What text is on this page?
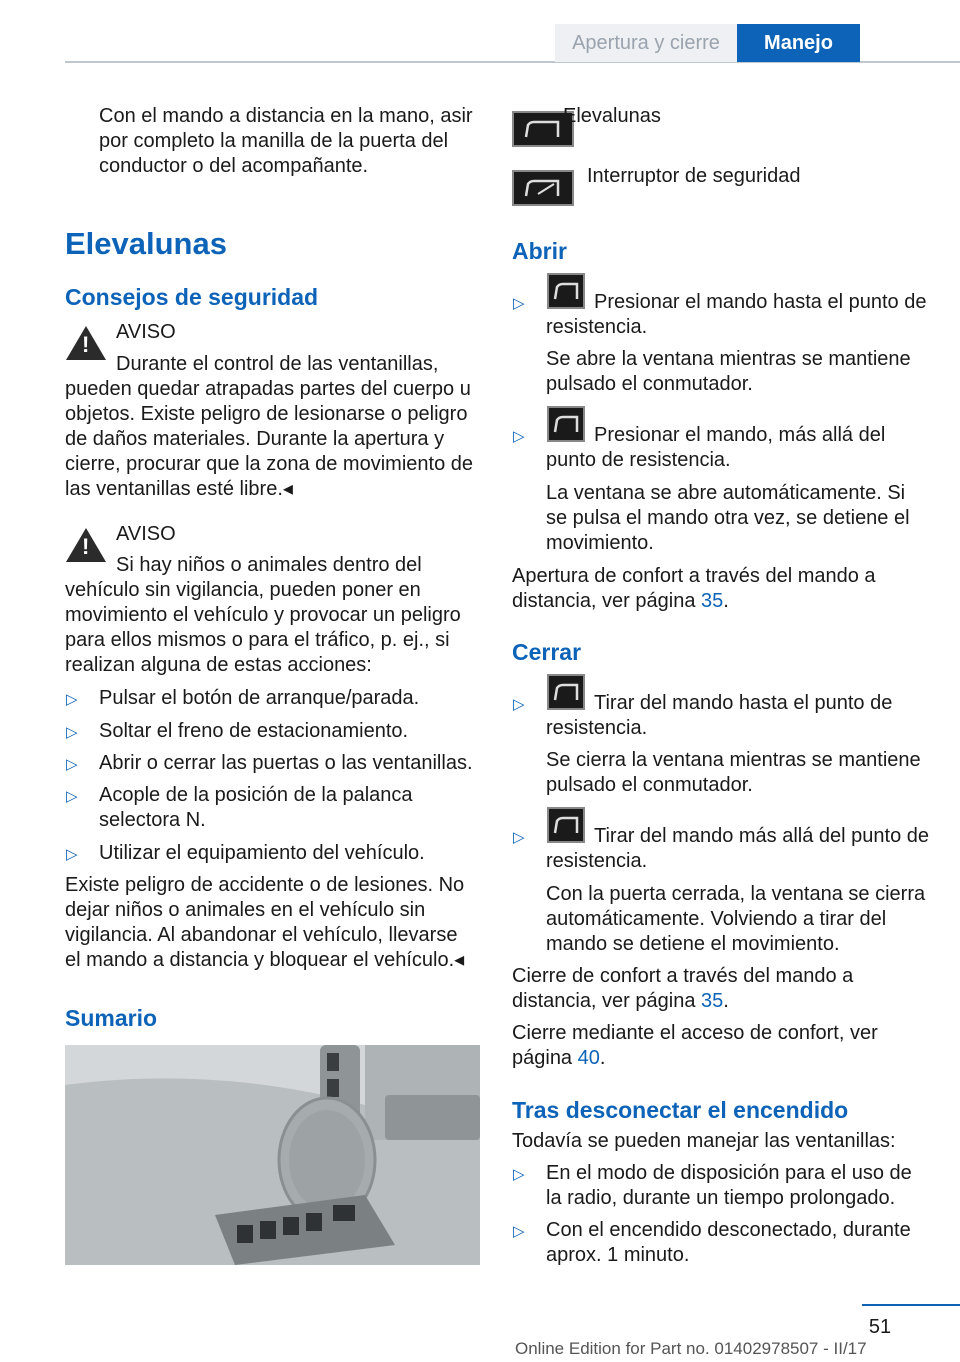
Apertura y cierre	Manejo

Con el mando a distancia en la mano, asir por completo la manilla de la puerta del conductor o del acompañante.

Elevalunas
Consejos de seguridad
!

AVISO

Durante el control de las ventanillas, pueden quedar atrapadas partes del cuerpo u objetos. Existe peligro de lesionarse o peligro de daños materiales. Durante la apertura y cierre, procurar que la zona de movimiento de las ventanillas esté libre.◂

!

AVISO

Si hay niños o animales dentro del vehículo sin vigilancia, pueden poner en movimiento el vehículo y provocar un peligro para ellos mismos o para el tráfico, p. ej., si realizan alguna de estas acciones:

▷ Pulsar el botón de arranque/parada.

▷ Soltar el freno de estacionamiento.

▷ Abrir o cerrar las puertas o las ventanillas.

▷ Acople de la posición de la palanca selectora N.

▷ Utilizar el equipamiento del vehículo.

Existe peligro de accidente o de lesiones. No dejar niños o animales en el vehículo sin vigilancia. Al abandonar el vehículo, llevarse el mando a distancia y bloquear el vehículo.◂

Sumario

Elevalunas

Interruptor de seguridad

Abrir
▷	Presionar el mando hasta el punto de resistencia.

Se abre la ventana mientras se mantiene pulsado el conmutador.

▷	Presionar el mando, más allá del punto de resistencia.

La ventana se abre automáticamente. Si se pulsa el mando otra vez, se detiene el movimiento.

Apertura de confort a través del mando a distancia, ver página 35.

Cerrar
▷	Tirar del mando hasta el punto de resistencia.

Se cierra la ventana mientras se mantiene pulsado el conmutador.

▷	Tirar del mando más allá del punto de resistencia.

Con la puerta cerrada, la ventana se cierra automáticamente. Volviendo a tirar del mando se detiene el movimiento.

Cierre de confort a través del mando a distancia, ver página 35.

Cierre mediante el acceso de confort, ver página 40.

Tras desconectar el encendido

Todavía se pueden manejar las ventanillas:

▷ En el modo de disposición para el uso de la radio, durante un tiempo prolongado.

▷ Con el encendido desconectado, durante aprox. 1 minuto.

51
Online Edition for Part no. 01402978507 - II/17
